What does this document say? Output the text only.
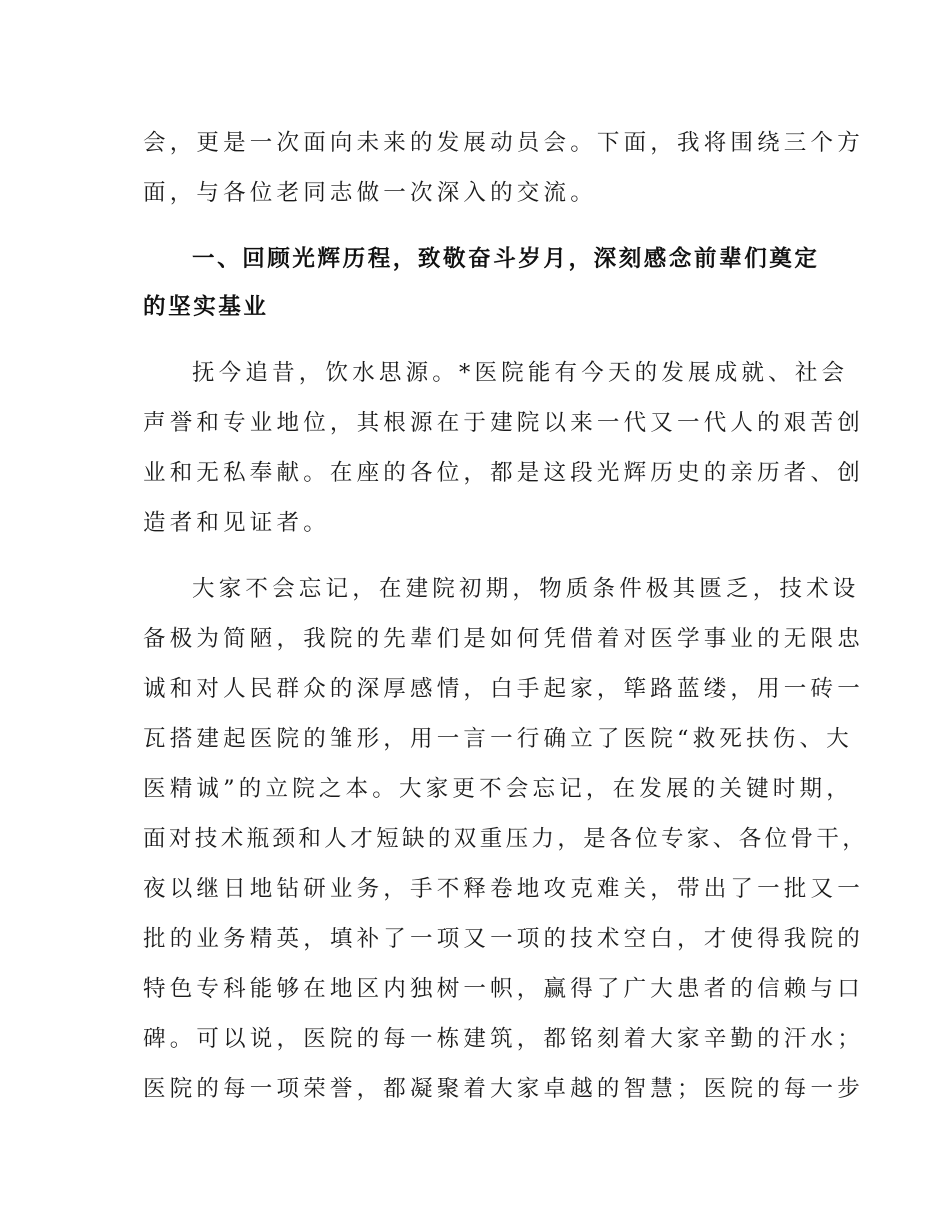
会，更是一次面向未来的发展动员会。下面，我将围绕三个方
面，与各位老同志做一次深入的交流。
一、回顾光辉历程，致敬奋斗岁月，深刻感念前辈们奠定
的坚实基业
抚今追昔，饮水思源。*医院能有今天的发展成就、社会
声誉和专业地位，其根源在于建院以来一代又一代人的艰苦创
业和无私奉献。在座的各位，都是这段光辉历史的亲历者、创
造者和见证者。
大家不会忘记，在建院初期，物质条件极其匮乏，技术设
备极为简陋，我院的先辈们是如何凭借着对医学事业的无限忠
诚和对人民群众的深厚感情，白手起家，筚路蓝缕，用一砖一
瓦搭建起医院的雏形，用一言一行确立了医院“救死扶伤、大
医精诚”的立院之本。大家更不会忘记，在发展的关键时期，
面对技术瓶颈和人才短缺的双重压力，是各位专家、各位骨干，
夜以继日地钻研业务，手不释卷地攻克难关，带出了一批又一
批的业务精英，填补了一项又一项的技术空白，才使得我院的
特色专科能够在地区内独树一帜，赢得了广大患者的信赖与口
碑。可以说，医院的每一栋建筑，都铭刻着大家辛勤的汗水；
医院的每一项荣誉，都凝聚着大家卓越的智慧；医院的每一步
